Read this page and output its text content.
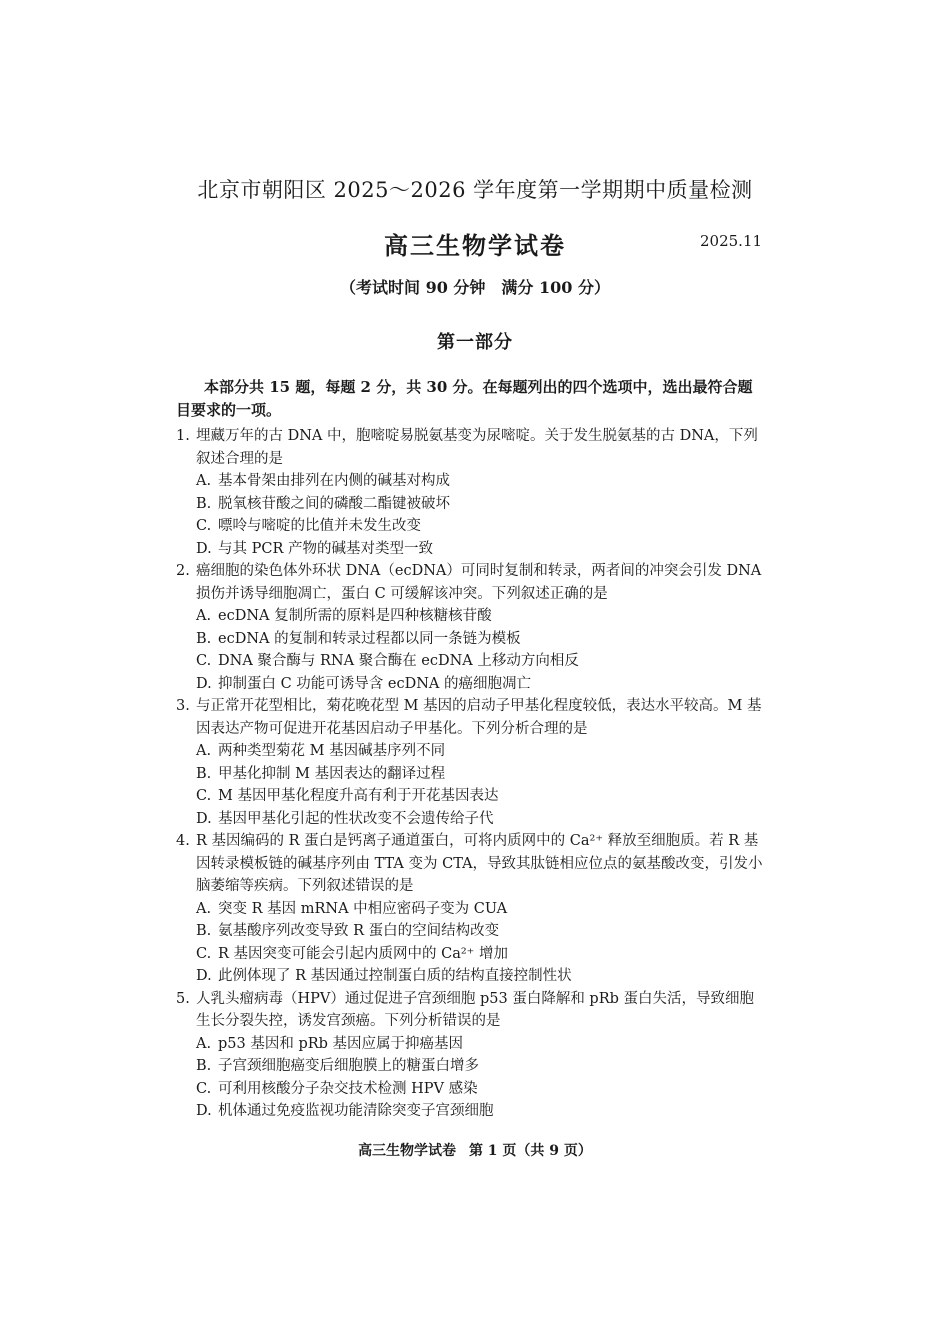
北京市朝阳区 2025～2026 学年度第一学期期中质量检测
高三生物学试卷	2025.11
（考试时间 90 分钟　满分 100 分）
第一部分
本部分共 15 题，每题 2 分，共 30 分。在每题列出的四个选项中，选出最符合题目要求的一项。
1. 埋藏万年的古 DNA 中，胞嘧啶易脱氨基变为尿嘧啶。关于发生脱氨基的古 DNA，下列叙述合理的是
A. 基本骨架由排列在内侧的碱基对构成
B. 脱氧核苷酸之间的磷酸二酯键被破坏
C. 嘌呤与嘧啶的比值并未发生改变
D. 与其 PCR 产物的碱基对类型一致
2. 癌细胞的染色体外环状 DNA（ecDNA）可同时复制和转录，两者间的冲突会引发 DNA 损伤并诱导细胞凋亡，蛋白 C 可缓解该冲突。下列叙述正确的是
A. ecDNA 复制所需的原料是四种核糖核苷酸
B. ecDNA 的复制和转录过程都以同一条链为模板
C. DNA 聚合酶与 RNA 聚合酶在 ecDNA 上移动方向相反
D. 抑制蛋白 C 功能可诱导含 ecDNA 的癌细胞凋亡
3. 与正常开花型相比，菊花晚花型 M 基因的启动子甲基化程度较低，表达水平较高。M 基因表达产物可促进开花基因启动子甲基化。下列分析合理的是
A. 两种类型菊花 M 基因碱基序列不同
B. 甲基化抑制 M 基因表达的翻译过程
C. M 基因甲基化程度升高有利于开花基因表达
D. 基因甲基化引起的性状改变不会遗传给子代
4. R 基因编码的 R 蛋白是钙离子通道蛋白，可将内质网中的 Ca²⁺ 释放至细胞质。若 R 基因转录模板链的碱基序列由 TTA 变为 CTA，导致其肽链相应位点的氨基酸改变，引发小脑萎缩等疾病。下列叙述错误的是
A. 突变 R 基因 mRNA 中相应密码子变为 CUA
B. 氨基酸序列改变导致 R 蛋白的空间结构改变
C. R 基因突变可能会引起内质网中的 Ca²⁺ 增加
D. 此例体现了 R 基因通过控制蛋白质的结构直接控制性状
5. 人乳头瘤病毒（HPV）通过促进子宫颈细胞 p53 蛋白降解和 pRb 蛋白失活，导致细胞生长分裂失控，诱发宫颈癌。下列分析错误的是
A. p53 基因和 pRb 基因应属于抑癌基因
B. 子宫颈细胞癌变后细胞膜上的糖蛋白增多
C. 可利用核酸分子杂交技术检测 HPV 感染
D. 机体通过免疫监视功能清除突变子宫颈细胞
高三生物学试卷 第 1 页（共 9 页）
